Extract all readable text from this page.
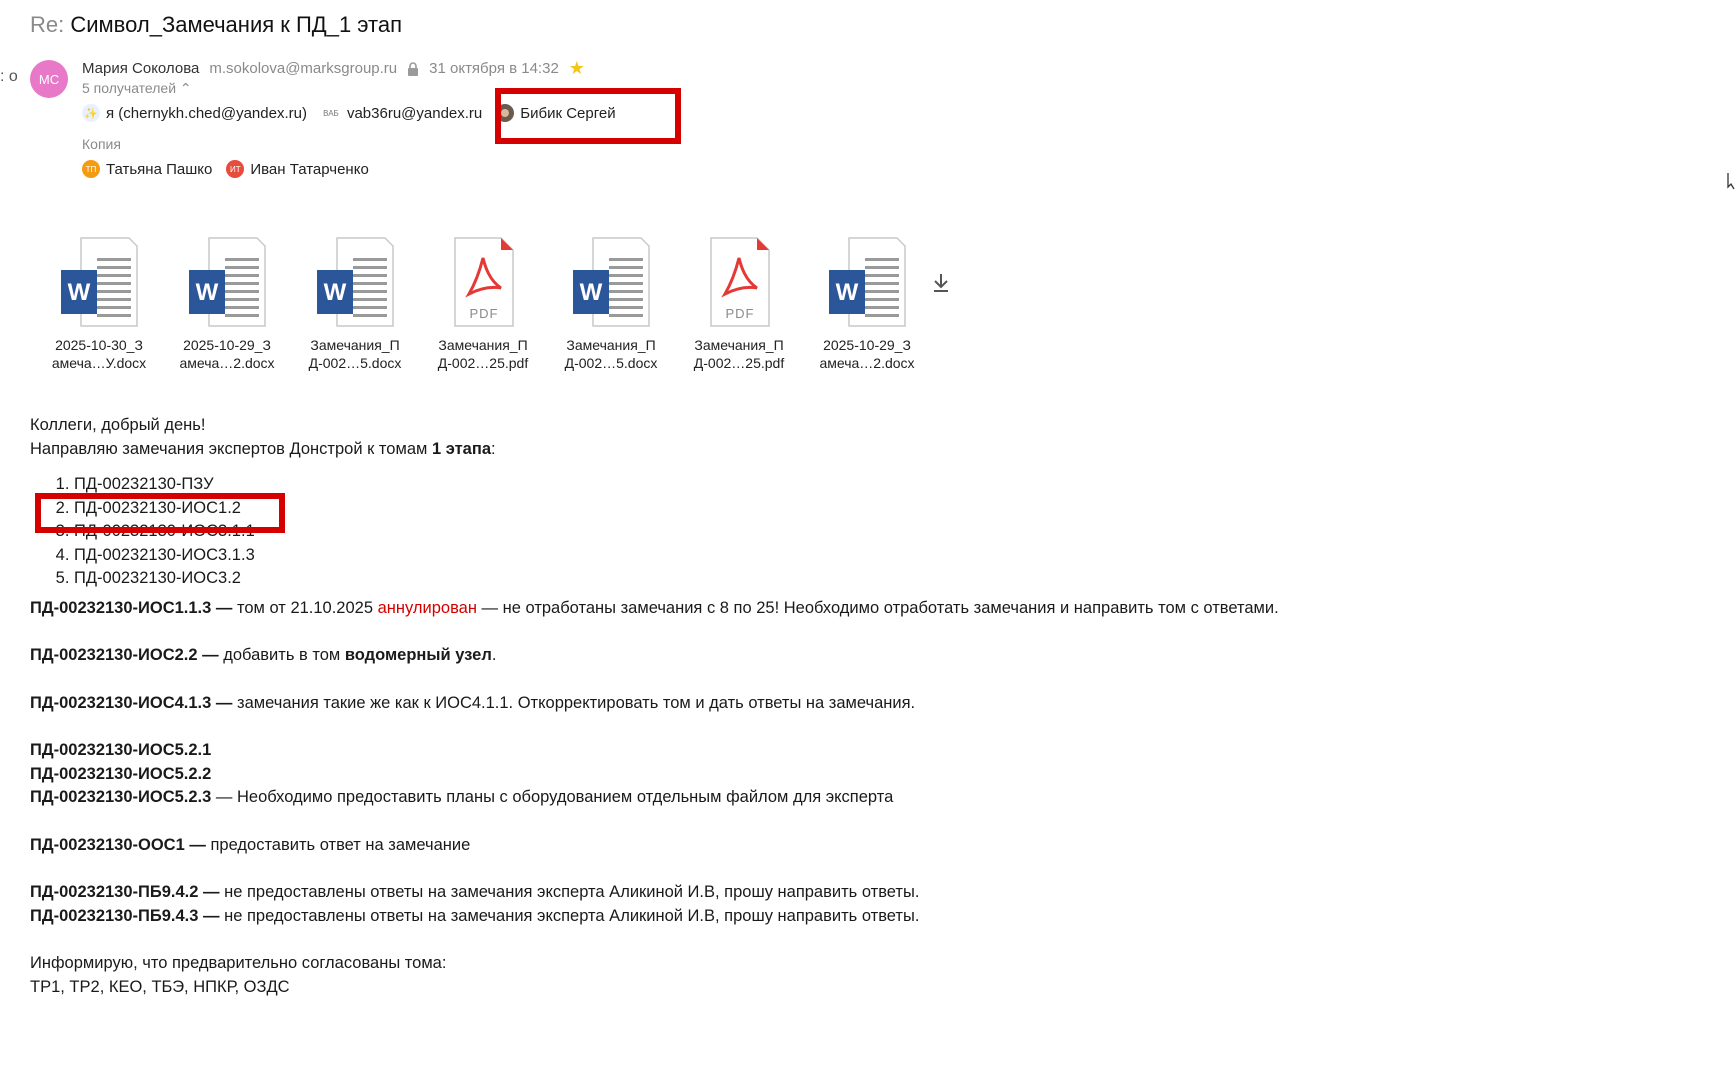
Re: Символ_Замечания к ПД_1 этап
: o	МС
Мария Соколова m.sokolova@marksgroup.ru 31 октября в 14:32 ★
5 получателей ⌃
✨ я (chernykh.ched@yandex.ru) ВАБ vab36ru@yandex.ru	Бибик Сергей
Копия
ТП Татьяна Пашко	ИТ Иван Татарченко
W
2025-10-30_З
амеча…У.docx
W
2025-10-29_З
амеча…2.docx
W
Замечания_П
Д-002…5.docx
PDF
Замечания_П
Д-002…25.pdf
W
Замечания_П
Д-002…5.docx
PDF
Замечания_П
Д-002…25.pdf
W
2025-10-29_З
амеча…2.docx

Коллеги, добрый день!

Направляю замечания экспертов Донстрой к томам 1 этапа:

1. ПД-00232130-ПЗУ
2. ПД-00232130-ИОС1.2
3. ПД-00232130-ИОС3.1.1
4. ПД-00232130-ИОС3.1.3
5. ПД-00232130-ИОС3.2

ПД-00232130-ИОС1.1.3 — том от 21.10.2025 аннулирован — не отработаны замечания с 8 по 25! Необходимо отработать замечания и направить том с ответами.

ПД-00232130-ИОС2.2 — добавить в том водомерный узел.

ПД-00232130-ИОС4.1.3 — замечания такие же как к ИОС4.1.1. Откорректировать том и дать ответы на замечания.

ПД-00232130-ИОС5.2.1

ПД-00232130-ИОС5.2.2

ПД-00232130-ИОС5.2.3 — Необходимо предоставить планы с оборудованием отдельным файлом для эксперта

ПД-00232130-ООС1 — предоставить ответ на замечание

ПД-00232130-ПБ9.4.2 — не предоставлены ответы на замечания эксперта Аликиной И.В, прошу направить ответы.

ПД-00232130-ПБ9.4.3 — не предоставлены ответы на замечания эксперта Аликиной И.В, прошу направить ответы.

Информирую, что предварительно согласованы тома:

ТР1, ТР2, КЕО, ТБЭ, НПКР, ОЗДС
